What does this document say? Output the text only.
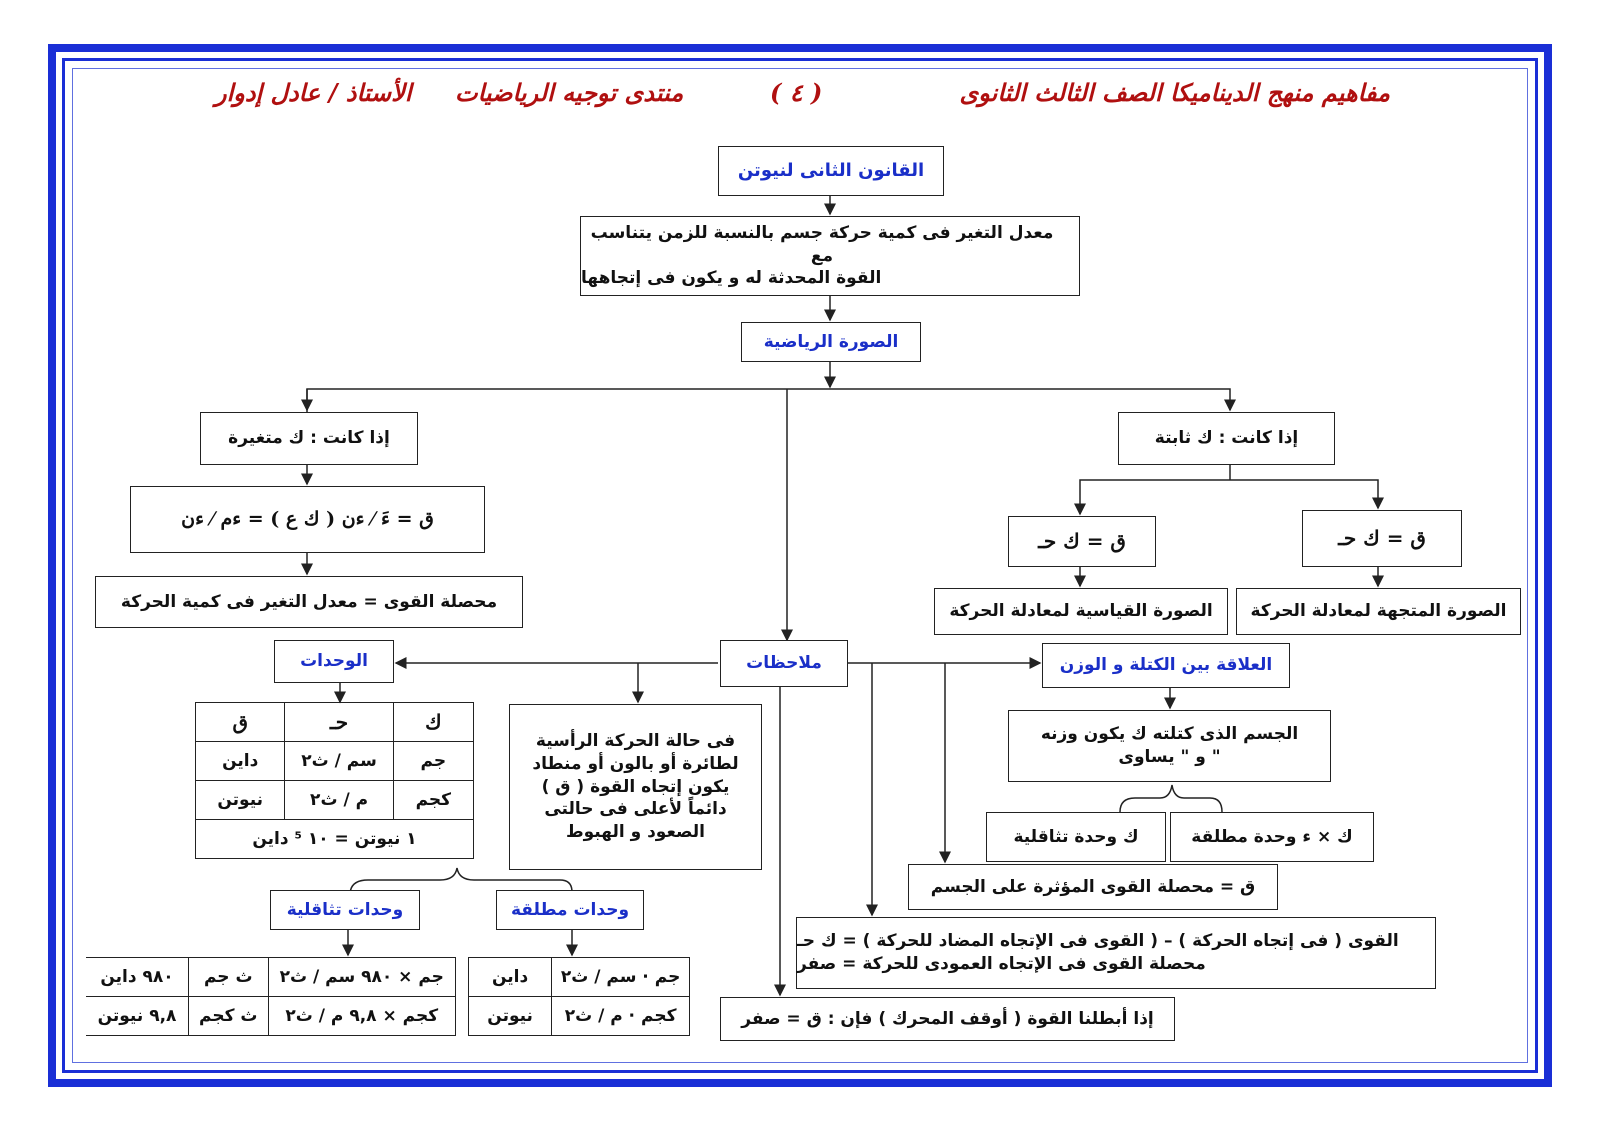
مفاهيم منهج الديناميكا الصف الثالث الثانوى
( ٤ )
منتدى توجيه الرياضيات
الأستاذ / عادل إدوار
القانون الثانى لنيوتن
معدل التغير فى كمية حركة جسم بالنسبة للزمن يتناسب مع
القوة المحدثة له و يكون فى إتجاهها
الصورة الرياضية
إذا كانت : ك ثابتة
ق = ك حـ	ق = ك حـ
الصورة القياسية لمعادلة الحركة	الصورة المتجهة لمعادلة الحركة
إذا كانت : ك متغيرة
ق = ءَ ⁄ ءن ( ك ع ) = ءم ⁄ ءن
محصلة القوى = معدل التغير فى كمية الحركة
ملاحظات
الوحدات	العلاقة بين الكتلة و الوزن
فى حالة الحركة الرأسية
لطائرة أو بالون أو منطاد
يكون إتجاه القوة ( ق )
دائماً لأعلى فى حالتى
الصعود و الهبوط
الجسم الذى كتلته ك يكون وزنه
" و " يساوى
ك × ء وحدة مطلقة
ك وحدة تثاقلية
ق = محصلة القوى المؤثرة على الجسم
القوى ( فى إتجاه الحركة ) – ( القوى فى الإتجاه المضاد للحركة ) = ك حـ
محصلة القوى فى الإتجاه العمودى للحركة = صفر
إذا أبطلنا القوة ( أوقف المحرك ) فإن : ق = صفر
ك	حـ	ق
جم	سم / ث٢	داين
كجم	م / ث٢	نيوتن
١ نيوتن = ١٠ ⁵ داين		
وحدات تثاقلية	وحدات مطلقة
جم ⋅ سم / ث٢	داين
كجم ⋅ م / ث٢	نيوتن
جم × ٩٨٠ سم / ث٢	ث جم	٩٨٠ داين
كجم × ٩,٨ م / ث٢	ث كجم	٩,٨ نيوتن
